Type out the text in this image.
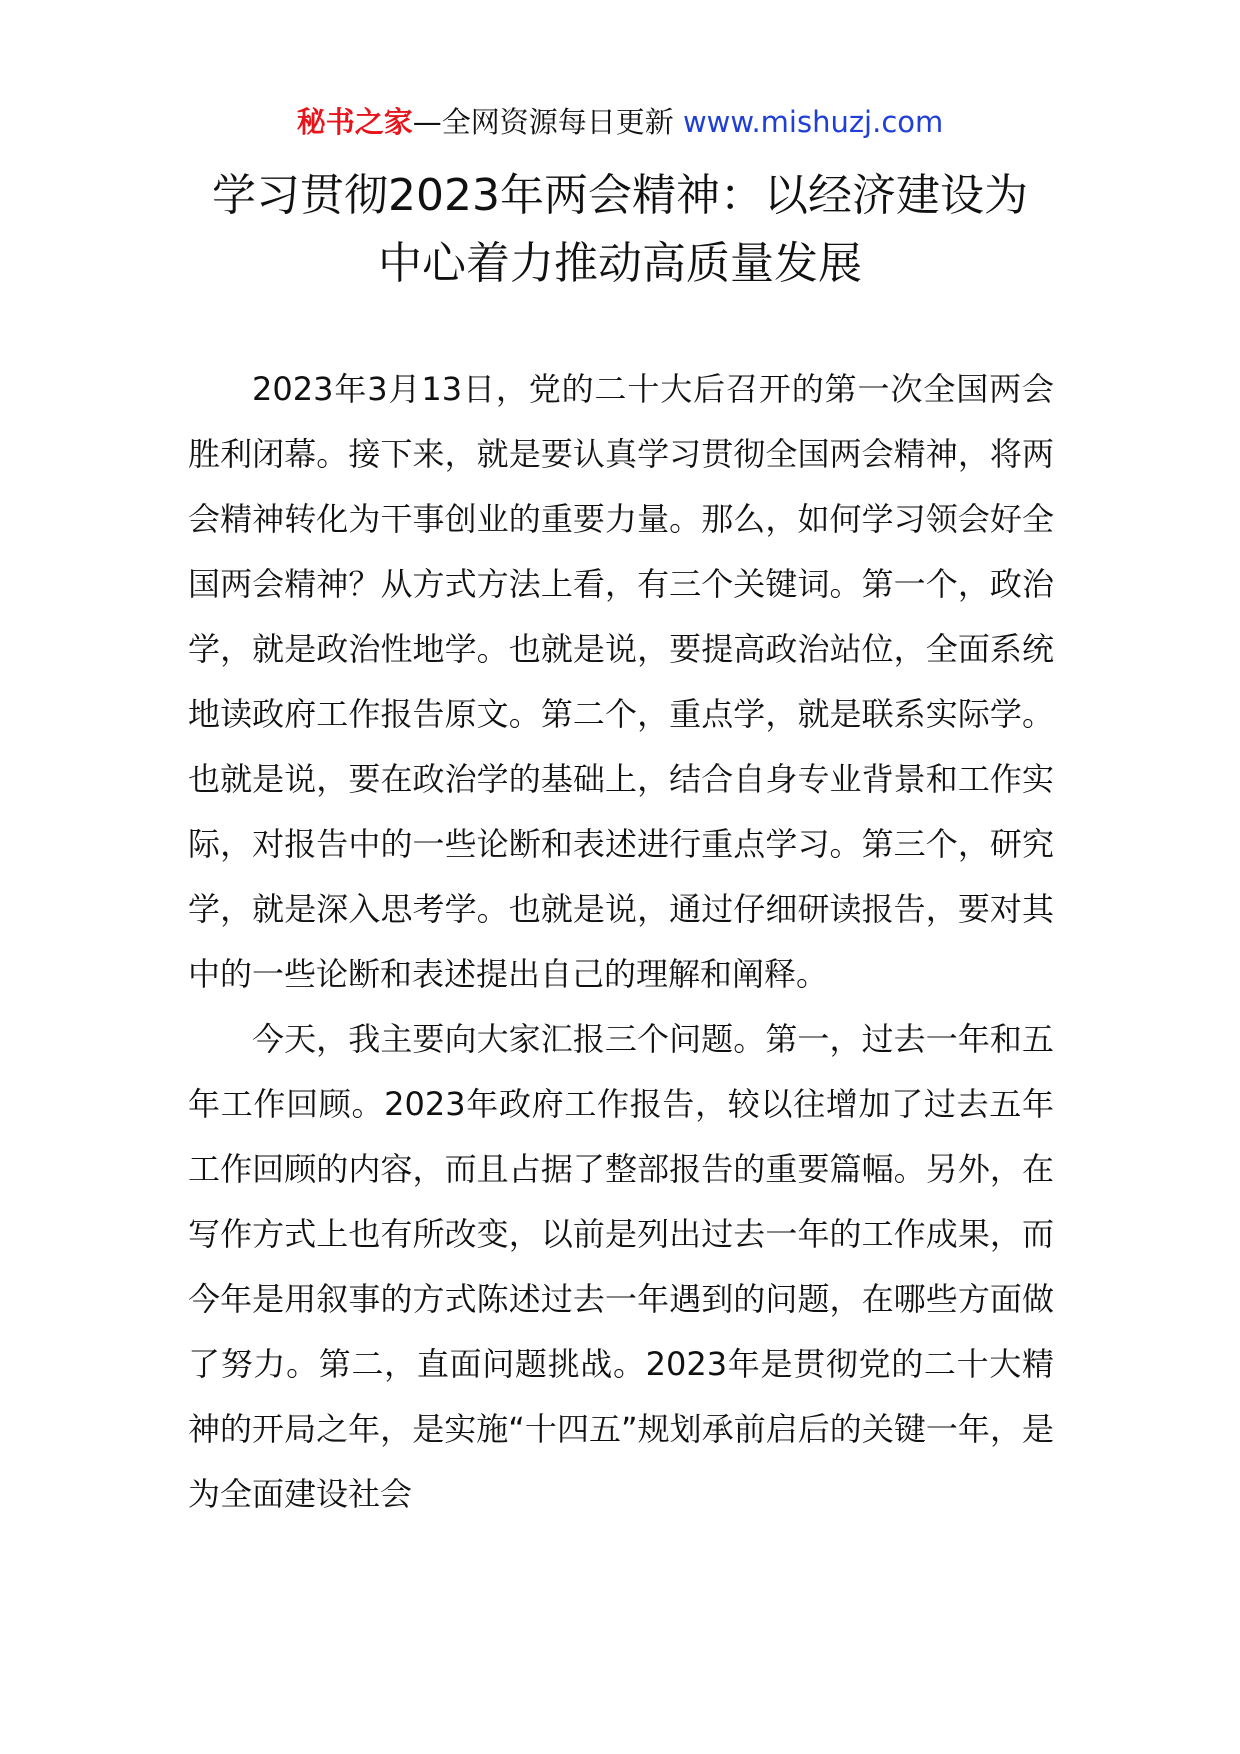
秘书之家—全网资源每日更新 www.mishuzj.com
学习贯彻2023年两会精神：以经济建设为
中心着力推动高质量发展

2023年3月13日，党的二十大后召开的第一次全国两会胜利闭幕。接下来，就是要认真学习贯彻全国两会精神，将两会精神转化为干事创业的重要力量。那么，如何学习领会好全国两会精神？从方式方法上看，有三个关键词。第一个，政治学，就是政治性地学。也就是说，要提高政治站位，全面系统地读政府工作报告原文。第二个，重点学，就是联系实际学。也就是说，要在政治学的基础上，结合自身专业背景和工作实际，对报告中的一些论断和表述进行重点学习。第三个，研究学，就是深入思考学。也就是说，通过仔细研读报告，要对其中的一些论断和表述提出自己的理解和阐释。

今天，我主要向大家汇报三个问题。第一，过去一年和五年工作回顾。2023年政府工作报告，较以往增加了过去五年工作回顾的内容，而且占据了整部报告的重要篇幅。另外，在写作方式上也有所改变，以前是列出过去一年的工作成果，而今年是用叙事的方式陈述过去一年遇到的问题，在哪些方面做了努力。第二，直面问题挑战。2023年是贯彻党的二十大精神的开局之年，是实施“十四五”规划承前启后的关键一年，是为全面建设社会
